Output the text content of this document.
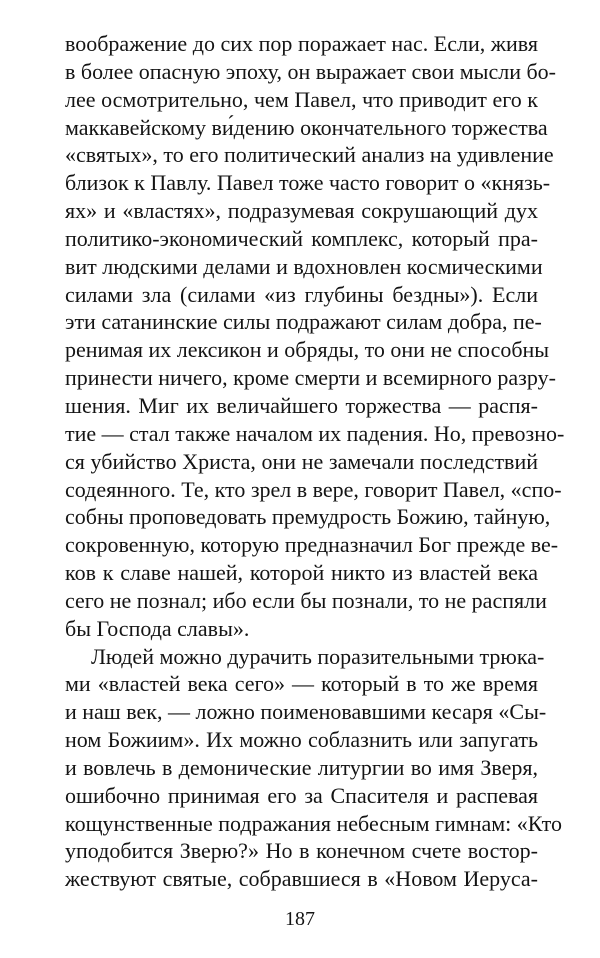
воображение до сих пор поражает нас. Если, живя
в более опасную эпоху, он выражает свои мысли бо-
лее осмотрительно, чем Павел, что приводит его к
маккавейскому ви́дению окончательного торжества
«святых», то его политический анализ на удивление
близок к Павлу. Павел тоже часто говорит о «князь-
ях» и «властях», подразумевая сокрушающий дух
политико-экономический комплекс, который пра-
вит людскими делами и вдохновлен космическими
силами зла (силами «из глубины бездны»). Если
эти сатанинские силы подражают силам добра, пе-
ренимая их лексикон и обряды, то они не способны
принести ничего, кроме смерти и всемирного разру-
шения. Миг их величайшего торжества — распя-
тие — стал также началом их падения. Но, превозно-
ся убийство Христа, они не замечали последствий
содеянного. Те, кто зрел в вере, говорит Павел, «спо-
собны проповедовать премудрость Божию, тайную,
сокровенную, которую предназначил Бог прежде ве-
ков к славе нашей, которой никто из властей века
сего не познал; ибо если бы познали, то не распяли
бы Господа славы».
Людей можно дурачить поразительными трюка-
ми «властей века сего» — который в то же время
и наш век, — ложно поименовавшими кесаря «Сы-
ном Божиим». Их можно соблазнить или запугать
и вовлечь в демонические литургии во имя Зверя,
ошибочно принимая его за Спасителя и распевая
кощунственные подражания небесным гимнам: «Кто
уподобится Зверю?» Но в конечном счете востор-
жествуют святые, собравшиеся в «Новом Иеруса-
187
